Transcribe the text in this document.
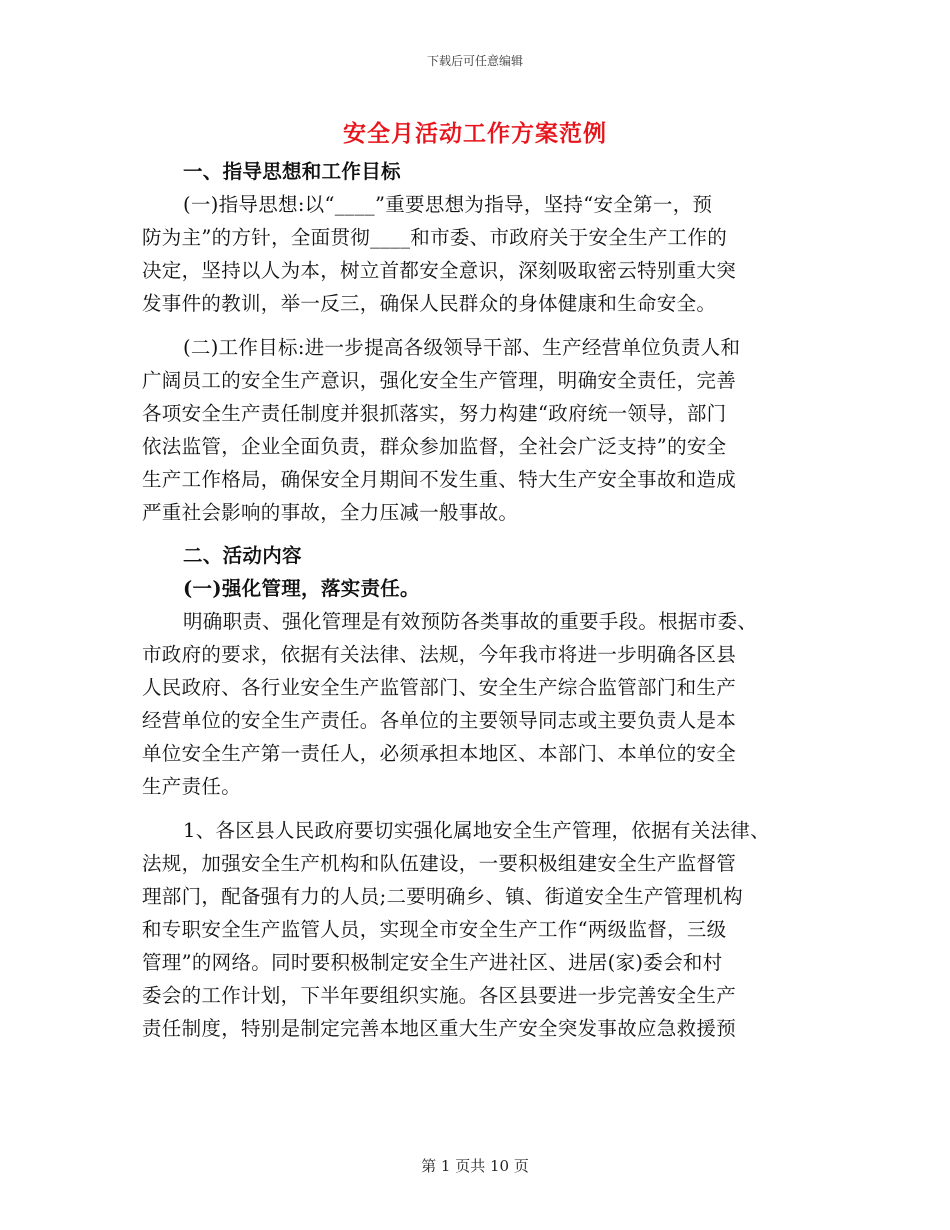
下载后可任意编辑
安全月活动工作方案范例
一、指导思想和工作目标
(一)指导思想:以“____”重要思想为指导，坚持“安全第一，预
防为主”的方针，全面贯彻____和市委、市政府关于安全生产工作的
决定，坚持以人为本，树立首都安全意识，深刻吸取密云特别重大突
发事件的教训，举一反三，确保人民群众的身体健康和生命安全。
(二)工作目标:进一步提高各级领导干部、生产经营单位负责人和
广阔员工的安全生产意识，强化安全生产管理，明确安全责任，完善
各项安全生产责任制度并狠抓落实，努力构建“政府统一领导，部门
依法监管，企业全面负责，群众参加监督，全社会广泛支持”的安全
生产工作格局，确保安全月期间不发生重、特大生产安全事故和造成
严重社会影响的事故，全力压减一般事故。
二、活动内容
(一)强化管理，落实责任。
明确职责、强化管理是有效预防各类事故的重要手段。根据市委、
市政府的要求，依据有关法律、法规，今年我市将进一步明确各区县
人民政府、各行业安全生产监管部门、安全生产综合监管部门和生产
经营单位的安全生产责任。各单位的主要领导同志或主要负责人是本
单位安全生产第一责任人，必须承担本地区、本部门、本单位的安全
生产责任。
1、各区县人民政府要切实强化属地安全生产管理，依据有关法律、
法规，加强安全生产机构和队伍建设，一要积极组建安全生产监督管
理部门，配备强有力的人员;二要明确乡、镇、街道安全生产管理机构
和专职安全生产监管人员，实现全市安全生产工作“两级监督，三级
管理”的网络。同时要积极制定安全生产进社区、进居(家)委会和村
委会的工作计划，下半年要组织实施。各区县要进一步完善安全生产
责任制度，特别是制定完善本地区重大生产安全突发事故应急救援预
第 1 页共 10 页
